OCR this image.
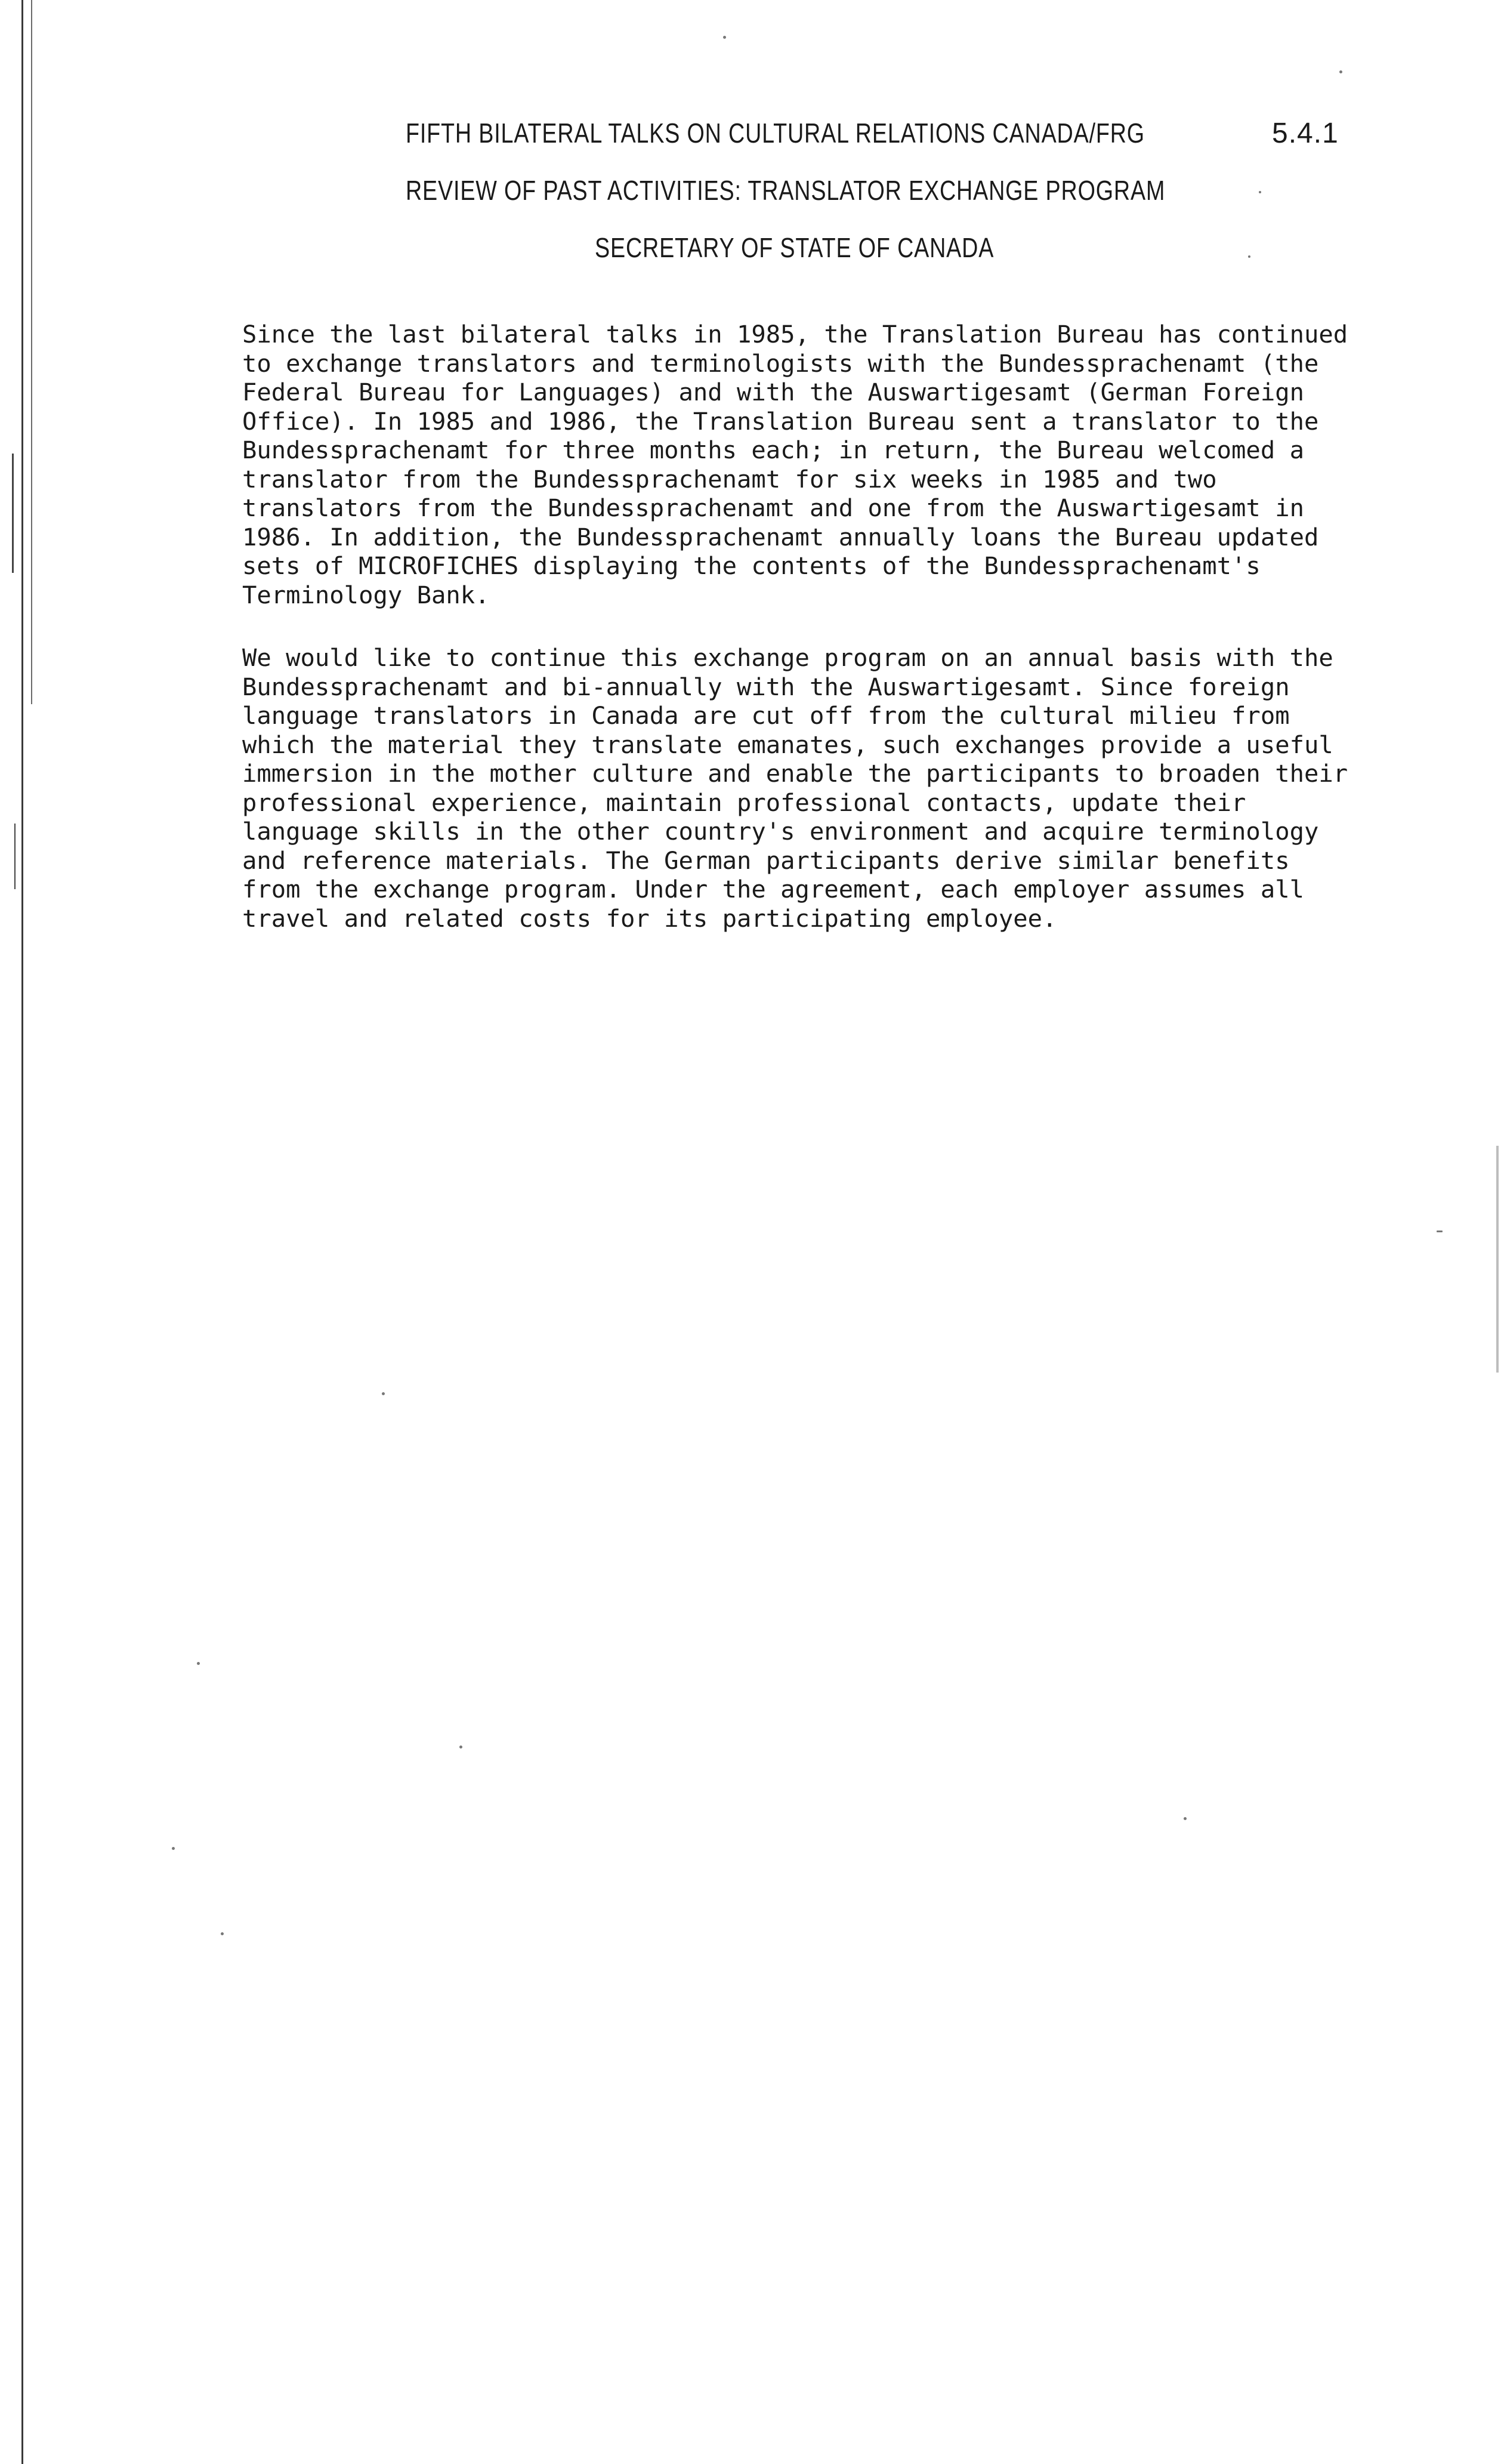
FIFTH BILATERAL TALKS ON CULTURAL RELATIONS CANADA/FRG	5.4.1
REVIEW OF PAST ACTIVITIES: TRANSLATOR EXCHANGE PROGRAM
SECRETARY OF STATE OF CANADA

Since the last bilateral talks in 1985, the Translation Bureau has continued
to exchange translators and terminologists with the Bundessprachenamt (the
Federal Bureau for Languages) and with the Auswartigesamt (German Foreign
Office). In 1985 and 1986, the Translation Bureau sent a translator to the
Bundessprachenamt for three months each; in return, the Bureau welcomed a
translator from the Bundessprachenamt for six weeks in 1985 and two
translators from the Bundessprachenamt and one from the Auswartigesamt in
1986. In addition, the Bundessprachenamt annually loans the Bureau updated
sets of MICROFICHES displaying the contents of the Bundessprachenamt's
Terminology Bank.

We would like to continue this exchange program on an annual basis with the
Bundessprachenamt and bi-annually with the Auswartigesamt. Since foreign
language translators in Canada are cut off from the cultural milieu from
which the material they translate emanates, such exchanges provide a useful
immersion in the mother culture and enable the participants to broaden their
professional experience, maintain professional contacts, update their
language skills in the other country's environment and acquire terminology
and reference materials. The German participants derive similar benefits
from the exchange program. Under the agreement, each employer assumes all
travel and related costs for its participating employee.
